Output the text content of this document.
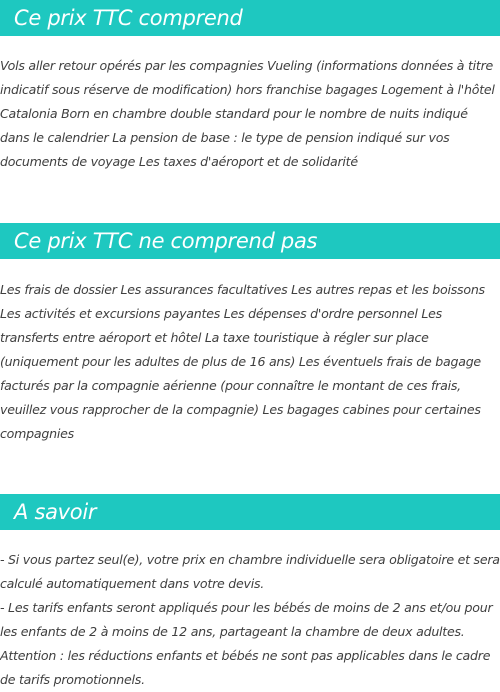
Ce prix TTC comprend

Vols aller retour opérés par les compagnies Vueling (informations données à titre indicatif sous réserve de modification) hors franchise bagages Logement à l'hôtel Catalonia Born en chambre double standard pour le nombre de nuits indiqué dans le calendrier La pension de base : le type de pension indiqué sur vos documents de voyage Les taxes d'aéroport et de solidarité

Ce prix TTC ne comprend pas

Les frais de dossier Les assurances facultatives Les autres repas et les boissons Les activités et excursions payantes Les dépenses d'ordre personnel Les transferts entre aéroport et hôtel La taxe touristique à régler sur place (uniquement pour les adultes de plus de 16 ans) Les éventuels frais de bagage facturés par la compagnie aérienne (pour connaître le montant de ces frais, veuillez vous rapprocher de la compagnie) Les bagages cabines pour certaines compagnies

A savoir

- Si vous partez seul(e), votre prix en chambre individuelle sera obligatoire et sera calculé automatiquement dans votre devis.

- Les tarifs enfants seront appliqués pour les bébés de moins de 2 ans et/ou pour les enfants de 2 à moins de 12 ans, partageant la chambre de deux adultes. Attention : les réductions enfants et bébés ne sont pas applicables dans le cadre de tarifs promotionnels.
